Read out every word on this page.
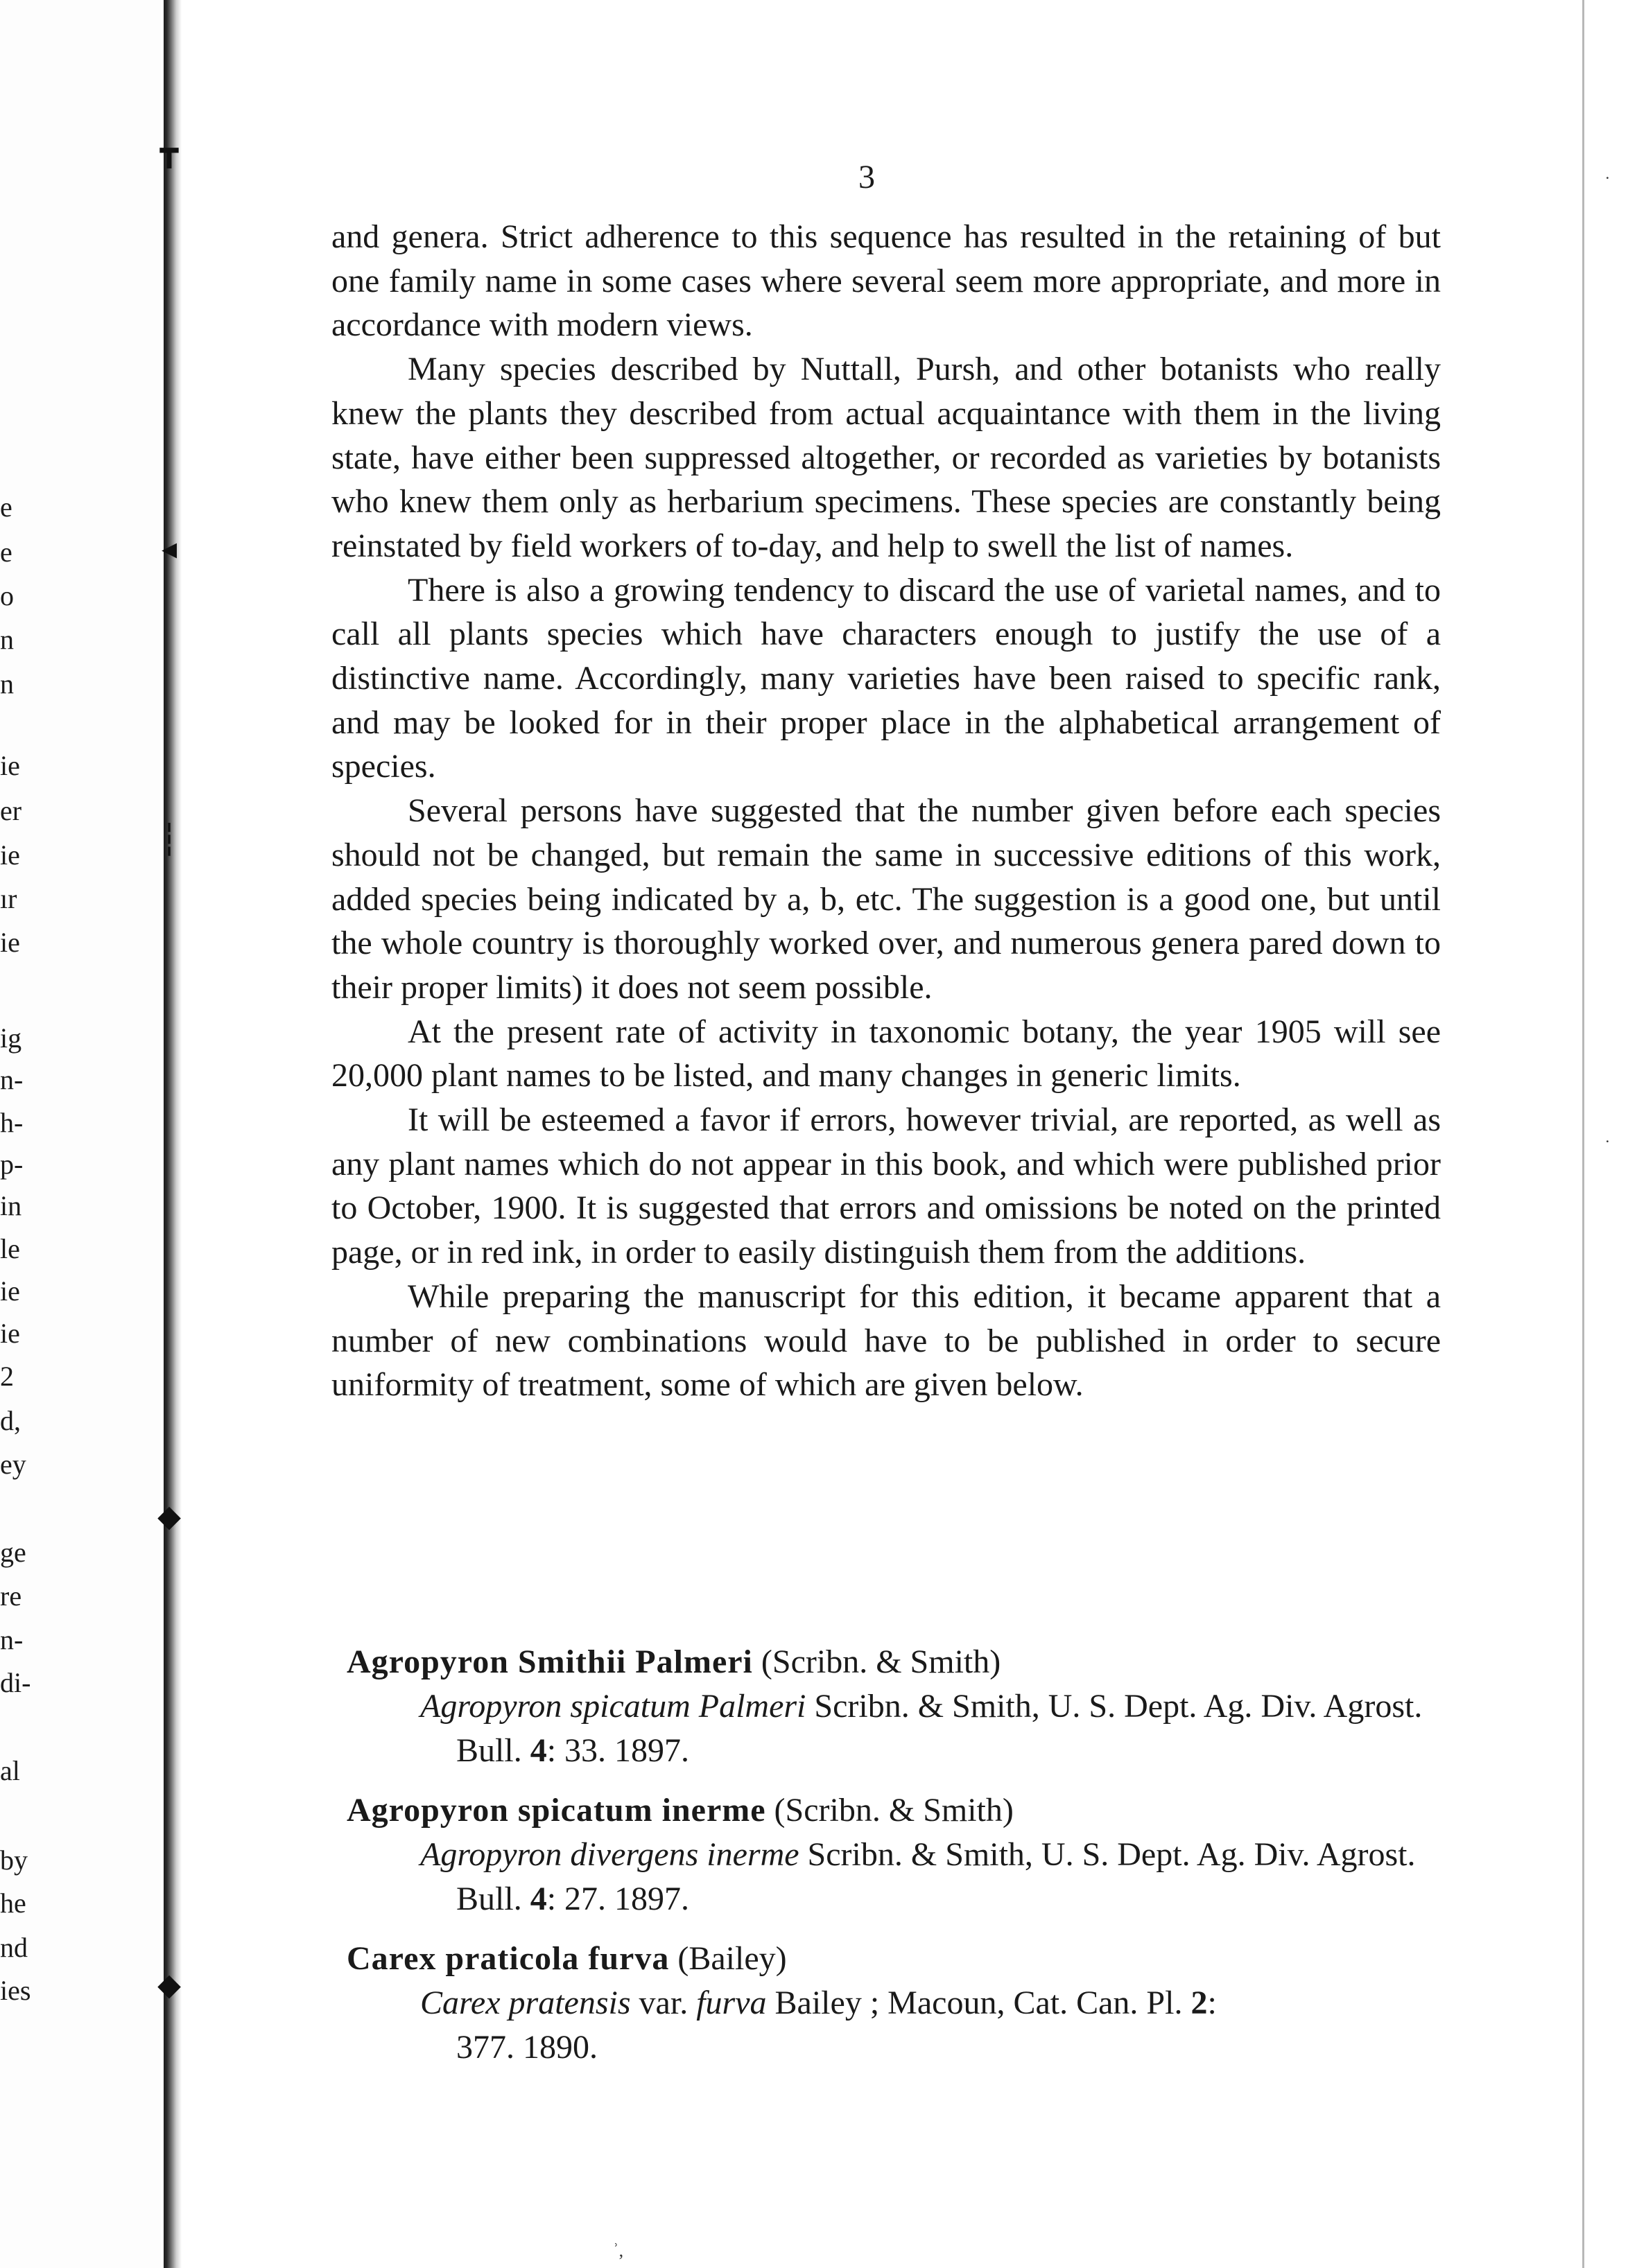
e
e
o
n
n
ie
er
ie
ır
ie
ig
n-
h-
p-
in
le
ie
ie
2
d,
ey
ge
re
n-
di-
al
by
he
nd
ies
┳
◂
┆
◆
◆
3

and genera. Strict adherence to this sequence has resulted in the retaining of but one family name in some cases where several seem more appropriate, and more in accordance with modern views.

Many species described by Nuttall, Pursh, and other botanists who really knew the plants they described from actual acquaintance with them in the living state, have either been suppressed altogether, or recorded as varieties by botanists who knew them only as herbarium specimens. These species are constantly being reinstated by field workers of to-day, and help to swell the list of names.

There is also a growing tendency to discard the use of varietal names, and to call all plants species which have characters enough to justify the use of a distinctive name. Accordingly, many varieties have been raised to specific rank, and may be looked for in their proper place in the alphabetical arrangement of species.

Several persons have suggested that the number given before each species should not be changed, but remain the same in successive editions of this work, added species being indicated by a, b, etc. The suggestion is a good one, but until the whole country is thoroughly worked over, and numerous genera pared down to their proper limits) it does not seem possible.

At the present rate of activity in taxonomic botany, the year 1905 will see 20,000 plant names to be listed, and many changes in generic limits.

It will be esteemed a favor if errors, however trivial, are reported, as well as any plant names which do not appear in this book, and which were published prior to October, 1900. It is suggested that errors and omissions be noted on the printed page, or in red ink, in order to easily distinguish them from the additions.

While preparing the manuscript for this edition, it became apparent that a number of new combinations would have to be published in order to secure uniformity of treatment, some of which are given below.

Agropyron Smithii Palmeri (Scribn. & Smith)
Agropyron spicatum Palmeri Scribn. & Smith, U. S. Dept. Ag. Div. Agrost. Bull. 4: 33. 1897.
Agropyron spicatum inerme (Scribn. & Smith)
Agropyron divergens inerme Scribn. & Smith, U. S. Dept. Ag. Div. Agrost. Bull. 4: 27. 1897.
Carex praticola furva (Bailey)
Carex pratensis var. furva Bailey ; Macoun, Cat. Can. Pl. 2:
377. 1890.
˙
˙
ʾ,
